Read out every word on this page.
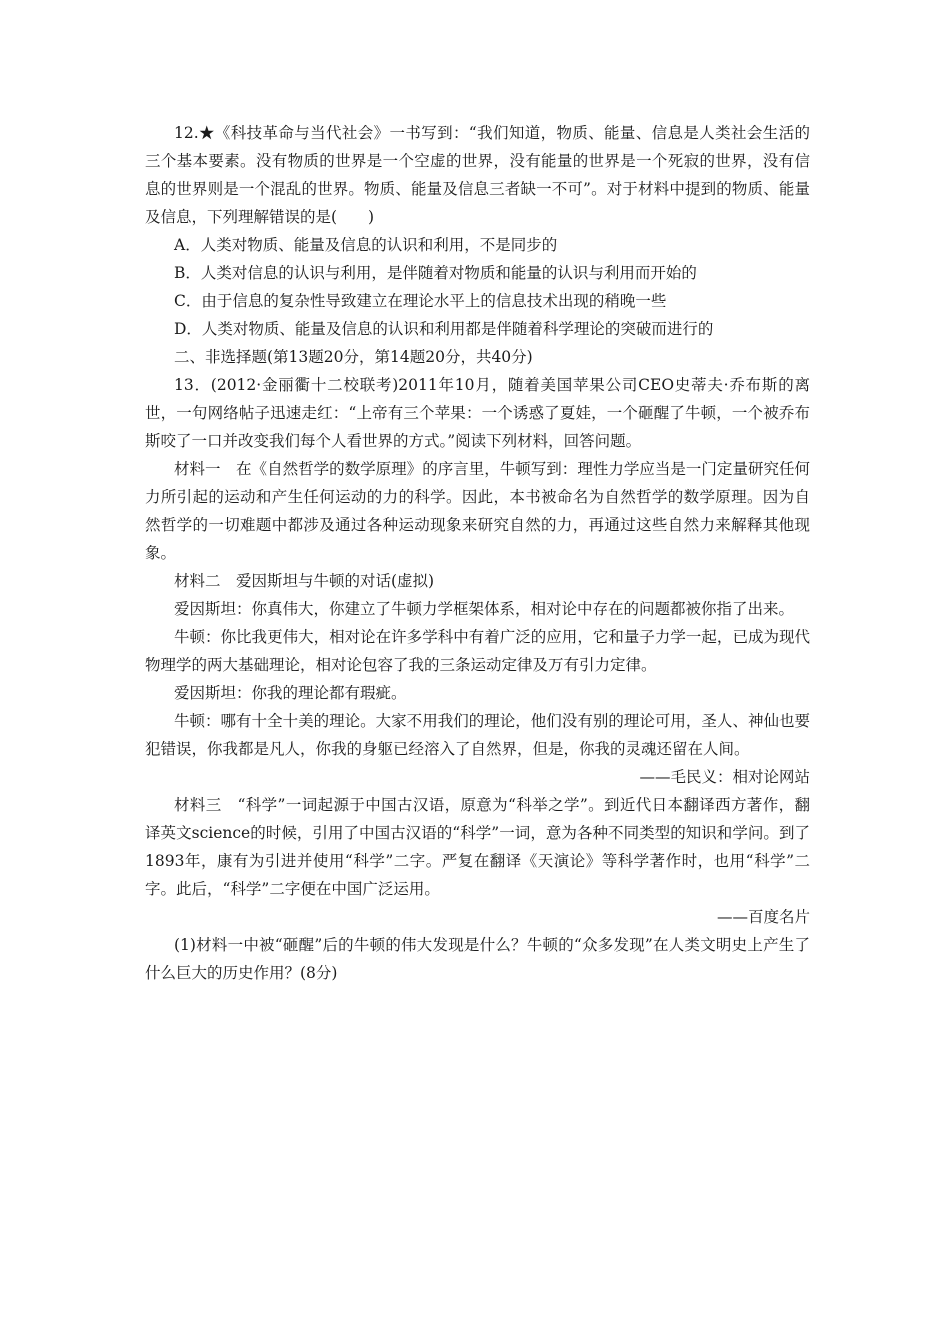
12.★《科技革命与当代社会》一书写到：“我们知道，物质、能量、信息是人类社会生活的三个基本要素。没有物质的世界是一个空虚的世界，没有能量的世界是一个死寂的世界，没有信息的世界则是一个混乱的世界。物质、能量及信息三者缺一不可”。对于材料中提到的物质、能量及信息，下列理解错误的是(　　)

A．人类对物质、能量及信息的认识和利用，不是同步的

B．人类对信息的认识与利用，是伴随着对物质和能量的认识与利用而开始的

C．由于信息的复杂性导致建立在理论水平上的信息技术出现的稍晚一些

D．人类对物质、能量及信息的认识和利用都是伴随着科学理论的突破而进行的

二、非选择题(第13题20分，第14题20分，共40分)

13．(2012·金丽衢十二校联考)2011年10月，随着美国苹果公司CEO史蒂夫·乔布斯的离世，一句网络帖子迅速走红：“上帝有三个苹果：一个诱惑了夏娃，一个砸醒了牛顿，一个被乔布斯咬了一口并改变我们每个人看世界的方式。”阅读下列材料，回答问题。

材料一　在《自然哲学的数学原理》的序言里，牛顿写到：理性力学应当是一门定量研究任何力所引起的运动和产生任何运动的力的科学。因此，本书被命名为自然哲学的数学原理。因为自然哲学的一切难题中都涉及通过各种运动现象来研究自然的力，再通过这些自然力来解释其他现象。

材料二　爱因斯坦与牛顿的对话(虚拟)

爱因斯坦：你真伟大，你建立了牛顿力学框架体系，相对论中存在的问题都被你指了出来。

牛顿：你比我更伟大，相对论在许多学科中有着广泛的应用，它和量子力学一起，已成为现代物理学的两大基础理论，相对论包容了我的三条运动定律及万有引力定律。

爱因斯坦：你我的理论都有瑕疵。

牛顿：哪有十全十美的理论。大家不用我们的理论，他们没有别的理论可用，圣人、神仙也要犯错误，你我都是凡人，你我的身躯已经溶入了自然界，但是，你我的灵魂还留在人间。

——毛民义：相对论网站

材料三　“科学”一词起源于中国古汉语，原意为“科举之学”。到近代日本翻译西方著作，翻译英文science的时候，引用了中国古汉语的“科学”一词，意为各种不同类型的知识和学问。到了1893年，康有为引进并使用“科学”二字。严复在翻译《天演论》等科学著作时，也用“科学”二字。此后，“科学”二字便在中国广泛运用。

——百度名片

(1)材料一中被“砸醒”后的牛顿的伟大发现是什么？牛顿的“众多发现”在人类文明史上产生了什么巨大的历史作用？(8分)
